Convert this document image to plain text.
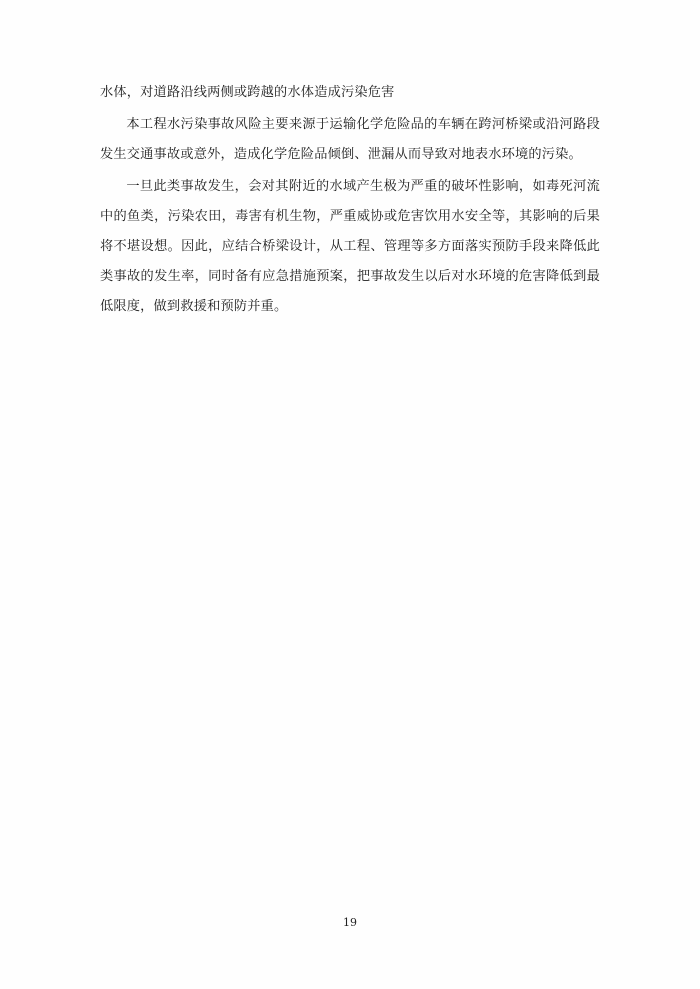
水体，对道路沿线两侧或跨越的水体造成污染危害

本工程水污染事故风险主要来源于运输化学危险品的车辆在跨河桥梁或沿河路段发生交通事故或意外，造成化学危险品倾倒、泄漏从而导致对地表水环境的污染。

一旦此类事故发生，会对其附近的水域产生极为严重的破坏性影响，如毒死河流中的鱼类，污染农田，毒害有机生物，严重威协或危害饮用水安全等，其影响的后果将不堪设想。因此，应结合桥梁设计，从工程、管理等多方面落实预防手段来降低此类事故的发生率，同时备有应急措施预案，把事故发生以后对水环境的危害降低到最低限度，做到救援和预防并重。

19
